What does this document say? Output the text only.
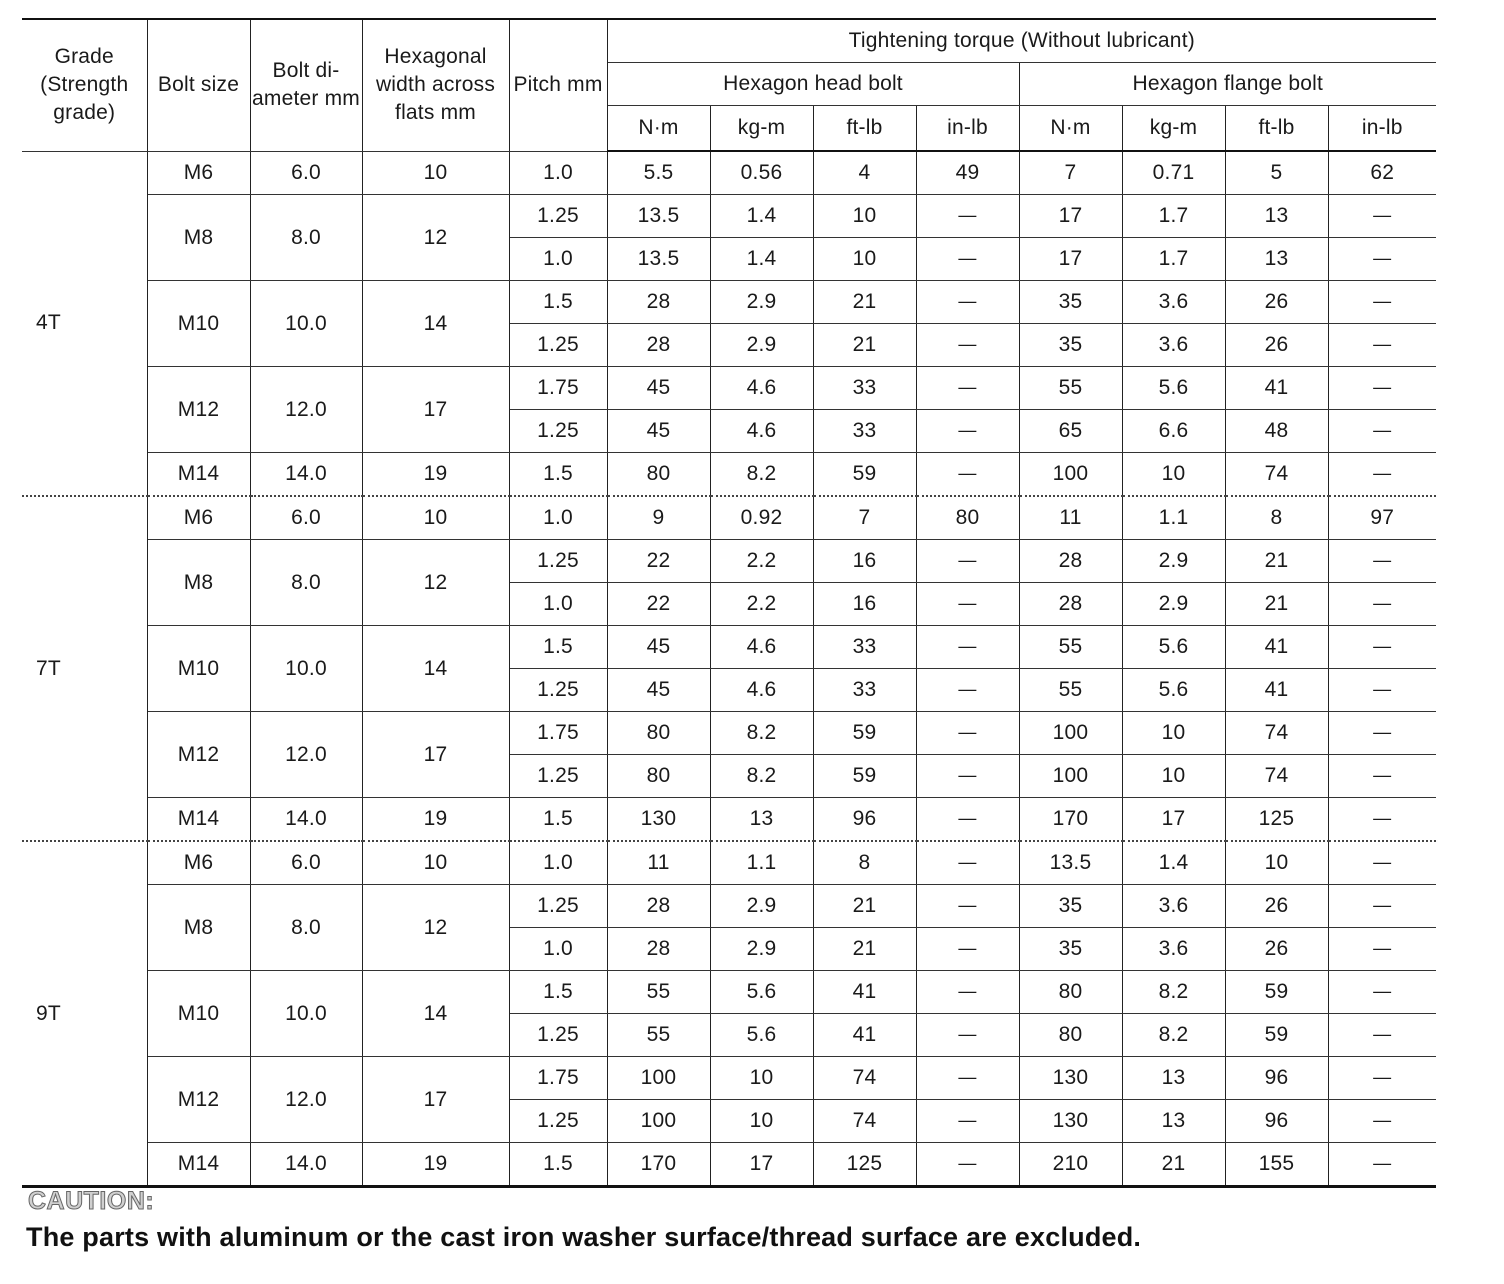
Grade (Strength grade)	Bolt size	Bolt di- ameter mm	Hexagonal width across flats mm	Pitch mm	Tightening torque (Without lubricant)							
					Hexagon head bolt				Hexagon flange bolt			
					N·m	kg-m	ft-lb	in-lb	N·m	kg-m	ft-lb	in-lb
4T	M6	6.0	10	1.0	5.5	0.56	4	49	7	0.71	5	62
	M8	8.0	12	1.25	13.5	1.4	10	—	17	1.7	13	—
				1.0	13.5	1.4	10	—	17	1.7	13	—
	M10	10.0	14	1.5	28	2.9	21	—	35	3.6	26	—
				1.25	28	2.9	21	—	35	3.6	26	—
	M12	12.0	17	1.75	45	4.6	33	—	55	5.6	41	—
				1.25	45	4.6	33	—	65	6.6	48	—
	M14	14.0	19	1.5	80	8.2	59	—	100	10	74	—
7T	M6	6.0	10	1.0	9	0.92	7	80	11	1.1	8	97
	M8	8.0	12	1.25	22	2.2	16	—	28	2.9	21	—
				1.0	22	2.2	16	—	28	2.9	21	—
	M10	10.0	14	1.5	45	4.6	33	—	55	5.6	41	—
				1.25	45	4.6	33	—	55	5.6	41	—
	M12	12.0	17	1.75	80	8.2	59	—	100	10	74	—
				1.25	80	8.2	59	—	100	10	74	—
	M14	14.0	19	1.5	130	13	96	—	170	17	125	—
9T	M6	6.0	10	1.0	11	1.1	8	—	13.5	1.4	10	—
	M8	8.0	12	1.25	28	2.9	21	—	35	3.6	26	—
				1.0	28	2.9	21	—	35	3.6	26	—
	M10	10.0	14	1.5	55	5.6	41	—	80	8.2	59	—
				1.25	55	5.6	41	—	80	8.2	59	—
	M12	12.0	17	1.75	100	10	74	—	130	13	96	—
				1.25	100	10	74	—	130	13	96	—
	M14	14.0	19	1.5	170	17	125	—	210	21	155	—
CAUTION:
The parts with aluminum or the cast iron washer surface/thread surface are excluded.
